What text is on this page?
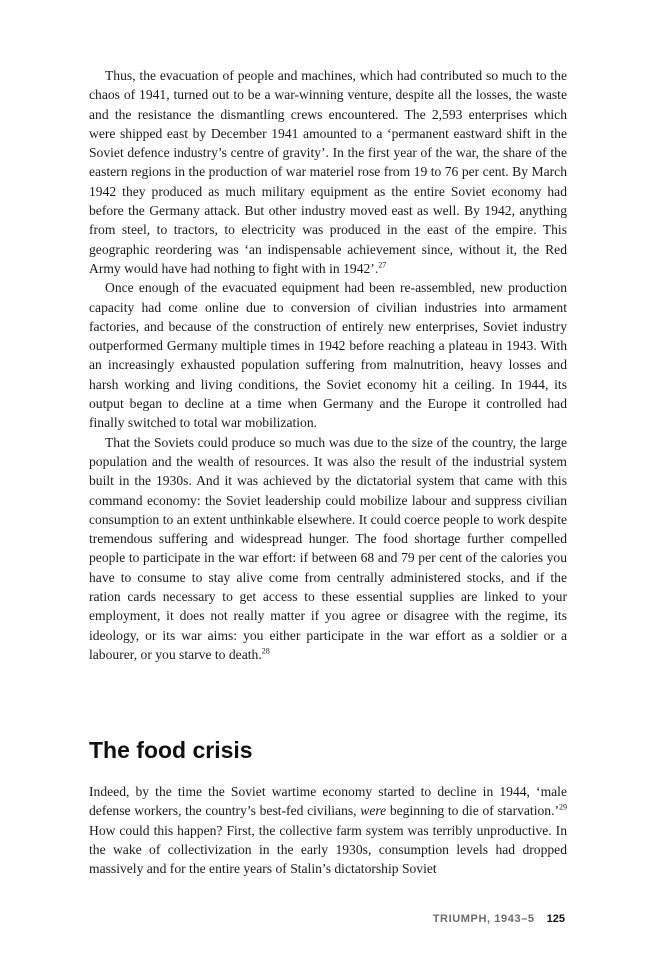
Thus, the evacuation of people and machines, which had contributed so much to the chaos of 1941, turned out to be a war-winning venture, despite all the losses, the waste and the resistance the dismantling crews encountered. The 2,593 enterprises which were shipped east by December 1941 amounted to a ‘permanent eastward shift in the Soviet defence industry’s centre of gravity’. In the first year of the war, the share of the eastern regions in the production of war materiel rose from 19 to 76 per cent. By March 1942 they produced as much military equipment as the entire Soviet economy had before the Germany attack. But other industry moved east as well. By 1942, anything from steel, to tractors, to electricity was produced in the east of the empire. This geographic reordering was ‘an indispensable achievement since, without it, the Red Army would have had nothing to fight with in 1942’.$^{27}$

Once enough of the evacuated equipment had been re-assembled, new production capacity had come online due to conversion of civilian industries into armament factories, and because of the construction of entirely new enterprises, Soviet industry outperformed Germany multiple times in 1942 before reaching a plateau in 1943. With an increasingly exhausted population suffering from malnutrition, heavy losses and harsh working and living conditions, the Soviet economy hit a ceiling. In 1944, its output began to decline at a time when Germany and the Europe it controlled had finally switched to total war mobilization.

That the Soviets could produce so much was due to the size of the country, the large population and the wealth of resources. It was also the result of the industrial system built in the 1930s. And it was achieved by the dictatorial system that came with this command economy: the Soviet leadership could mobilize labour and suppress civilian consumption to an extent unthinkable elsewhere. It could coerce people to work despite tremendous suffering and widespread hunger. The food shortage further compelled people to participate in the war effort: if between 68 and 79 per cent of the calories you have to consume to stay alive come from centrally administered stocks, and if the ration cards necessary to get access to these essential supplies are linked to your employment, it does not really matter if you agree or disagree with the regime, its ideology, or its war aims: you either participate in the war effort as a soldier or a labourer, or you starve to death.$^{28}$

The food crisis

Indeed, by the time the Soviet wartime economy started to decline in 1944, ‘male defense workers, the country’s best-fed civilians, were beginning to die of starvation.’$^{29}$ How could this happen? First, the collective farm system was terribly unproductive. In the wake of collectivization in the early 1930s, consumption levels had dropped massively and for the entire years of Stalin’s dictatorship Soviet

TRIUMPH, 1943–5 125
